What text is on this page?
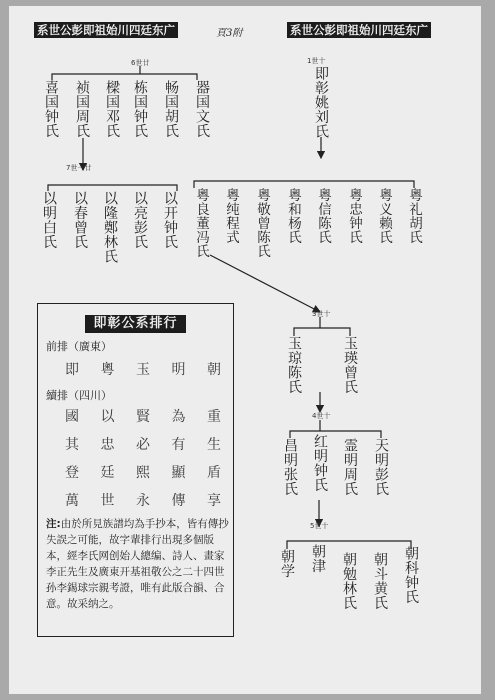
系世公彭即祖始川四廷东广	頁3附	系世公彭即祖始川四廷东广
6世廿
7世一廿
1世十
3世十
4世十
5世十
喜国钟氏 祯国周氏 樑国邓氏 栋国钟氏 畅国胡氏 器国文氏
以明白氏 以春曾氏 以隆鄭林氏 以亮彭氏 以开钟氏
即彰姚刘氏
粵良董冯氏 粵纯程式 粵敬曾陈氏 粵和杨氏 粵信陈氏 粵忠钟氏 粵义赖氏 粵礼胡氏
玉琼陈氏	玉瑛曾氏
昌明张氏 红明钟氏 霊明周氏 天明彭氏
朝学 朝津 朝勉林氏 朝斗黄氏 朝科钟氏
即彰公系排行
前排（廣東）
即	粵	玉	明	朝
續排（四川）
國	以	賢	為	重
其	忠	必	有	生
登	廷	熙	顯	盾
萬	世	永	傳	享
注:由於所見族譜均為手抄本，皆有傳抄失誤之可能，故字輩排行出現多個版本，經李氏网创始人總编、詩人、畫家李正先生及廣東开基祖敬公之二十四世孙李錫球宗親考證，唯有此版合韻、合意。故采纳之。
